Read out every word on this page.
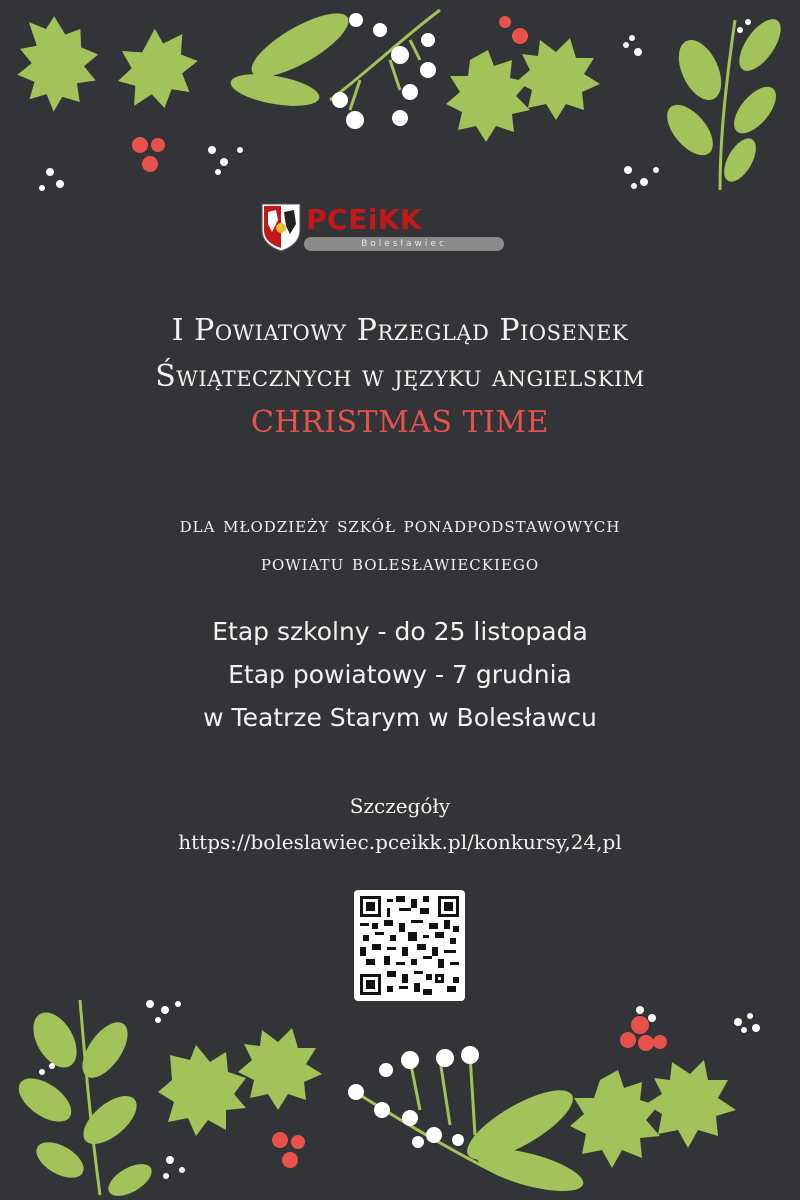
PCEiKK
Bolesławiec
I Powiatowy Przegląd Piosenek
Świątecznych w języku angielskim
CHRISTMAS TIME
dla młodzieży szkół ponadpodstawowych
powiatu bolesławieckiego
Etap szkolny - do 25 listopada
Etap powiatowy - 7 grudnia
w Teatrze Starym w Bolesławcu
Szczegóły
https://boleslawiec.pceikk.pl/konkursy,24,pl
